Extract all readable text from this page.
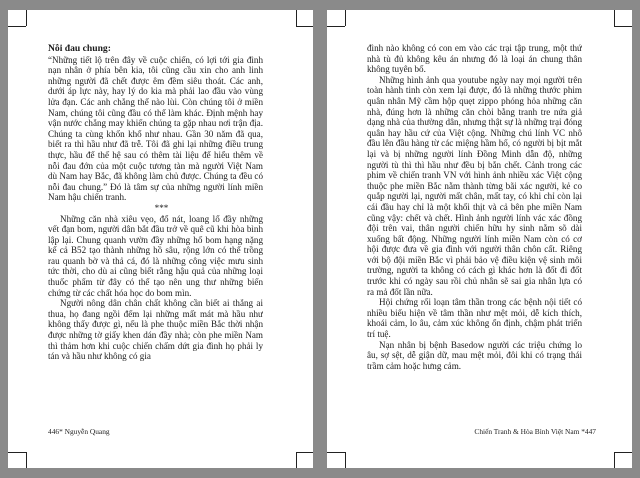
Nỗi đau chung:

“Những tiết lộ trên đây về cuộc chiến, có lợi tới gia đình nạn nhân ở phía bên kia, tôi cũng cầu xin cho anh linh những người đã chết được êm đềm siêu thoát. Các anh, dưới áp lực này, hay lý do kia mà phải lao đầu vào vùng lửa đạn. Các anh chẳng thể nào lùi. Còn chúng tôi ở miền Nam, chúng tôi cũng đầu có thể làm khác. Định mệnh hay vận nước chẳng may khiến chúng ta gặp nhau nơi trận địa. Chúng ta cùng khốn khổ như nhau. Gần 30 năm đã qua, biết ra thì hầu như đã trễ. Tôi đã ghi lại những điều trung thực, hầu để thế hệ sau có thêm tài liệu để hiểu thêm về nỗi đau đớn của một cuộc tương tàn mà người Việt Nam dù Nam hay Bắc, đã không làm chủ được. Chúng ta đều có nỗi đau chung.” Đó là tâm sự của những người lính miền Nam hậu chiến tranh.

***

Những căn nhà xiêu vẹo, đổ nát, loang lổ đầy những vết đạn bom, người dân bắt đầu trở về quê cũ khi hòa bình lập lại. Chung quanh vườn đầy những hố bom hạng nặng kể cả B52 tạo thành những hồ sâu, rộng lớn có thể trồng rau quanh bờ và thả cá, đó là những công việc mưu sinh tức thời, cho dù ai cũng biết rằng hậu quả của những loại thuốc phẩm từ đây có thể tạo nên ung thư những biến chứng từ các chất hóa học do bom mìn.

Người nông dân chân chất không cần biết ai thắng ai thua, họ đang ngồi đếm lại những mất mát mà hầu như không thấy được gì, nếu là phe thuộc miền Bắc thời nhận được những tờ giấy khen dán đầy nhà; còn phe miền Nam thì thảm hơn khi cuộc chiến chấm dứt gia đình họ phải ly tán và hầu như không có gia

446* Nguyễn Quang

đình nào không có con em vào các trại tập trung, một thứ nhà tù đủ không kêu án nhưng đó là loại án chung thân không tuyên bố.

Những hình ảnh qua youtube ngày nay mọi người trên toàn hành tinh còn xem lại được, đó là những thước phim quân nhân Mỹ cầm hộp quẹt zippo phóng hỏa những căn nhà, đúng hơn là những căn chòi bằng tranh tre nứa giả dạng nhà của thường dân, nhưng thật sự là những trại đóng quân hay hầu cứ của Việt cộng. Những chú lính VC nhô đầu lên đầu hàng từ các miệng hầm hố, có người bị bịt mắt lại và bị những người lính Đồng Minh dẫn độ, những người tù thì thì hầu như đều bị bắn chết. Cảnh trong các phim về chiến tranh VN với hình ảnh nhiều xác Việt cộng thuộc phe miền Bắc nằm thành từng bãi xác người, kẻ co quắp người lại, người mất chân, mất tay, có khi chỉ còn lại cái đầu hay chỉ là một khối thịt và cả bên phe miền Nam cũng vậy: chết và chết. Hình ảnh người lính vác xác đồng đội trên vai, thân người chiến hữu hy sinh nằm sõ dài xuống bất động. Những người lính miền Nam còn có cơ hội được đưa về gia đình với người thân chôn cất. Riêng với bộ đội miền Bắc vì phải bảo vệ điều kiện vệ sinh môi trường, người ta không có cách gì khác hơn là đốt đi đốt trước khi có ngày sau rồi chủ nhân sẽ sai gia nhân lựa có ra mả đốt lần nữa.

Hội chứng rối loạn tâm thần trong các bệnh nội tiết có nhiều biểu hiện về tâm thần như mệt mỏi, dễ kích thích, khoái cảm, lo âu, cảm xúc không ổn định, chậm phát triển trí tuệ.

Nạn nhân bị bệnh Basedow người các triệu chứng lo âu, sợ sệt, dễ giận dữ, mau mệt mỏi, đôi khi có trạng thái trầm cảm hoặc hưng cảm.

Chiến Tranh & Hòa Bình Việt Nam *447
